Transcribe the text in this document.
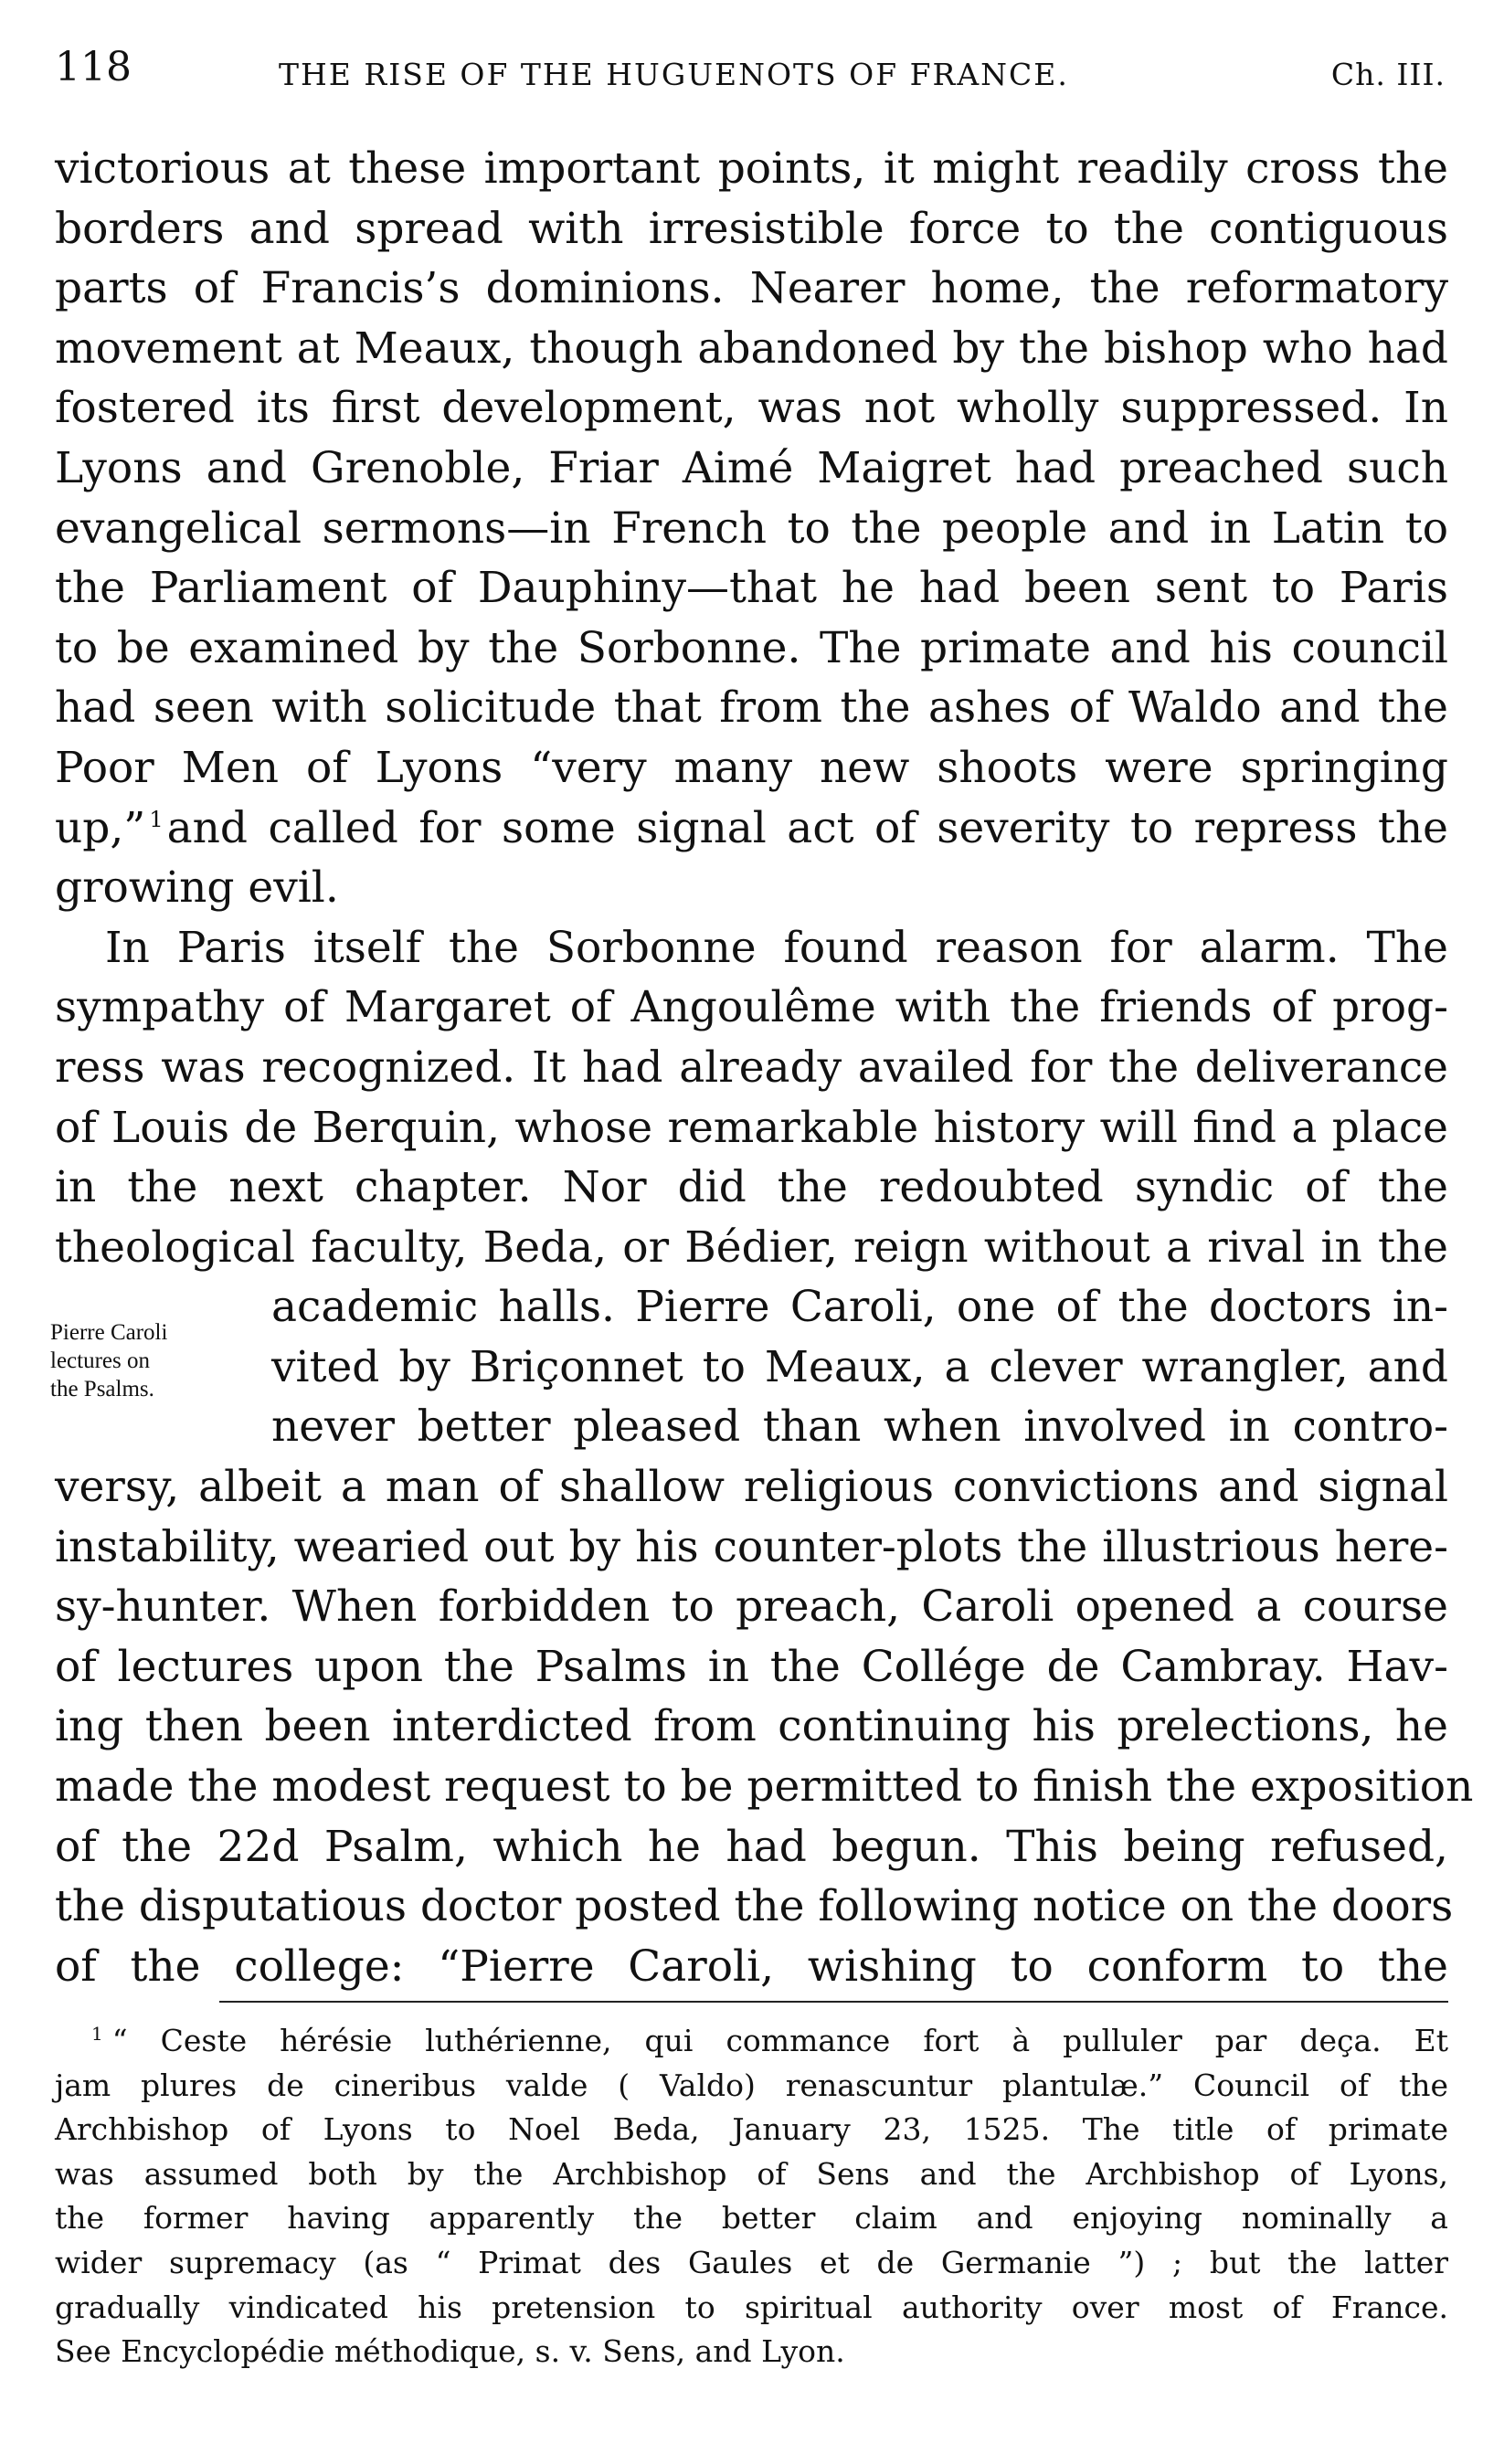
118	THE RISE OF THE HUGUENOTS OF FRANCE.	Ch. III.
victorious at these important points, it might readily cross the
borders and spread with irresistible force to the contiguous
parts of Francis’s dominions. Nearer home, the reformatory
movement at Meaux, though abandoned by the bishop who had
fostered its first development, was not wholly suppressed. In
Lyons and Grenoble, Friar Aimé Maigret had preached such
evangelical sermons—in French to the people and in Latin to
the Parliament of Dauphiny—that he had been sent to Paris
to be examined by the Sorbonne. The primate and his council
had seen with solicitude that from the ashes of Waldo and the
Poor Men of Lyons “very many new shoots were springing
up,” $^1$and called for some signal act of severity to repress the
growing evil.
In Paris itself the Sorbonne found reason for alarm. The
sympathy of Margaret of Angoulême with the friends of prog-
ress was recognized. It had already availed for the deliverance
of Louis de Berquin, whose remarkable history will find a place
in the next chapter. Nor did the redoubted syndic of the
theological faculty, Beda, or Bédier, reign without a rival in the
academic halls. Pierre Caroli, one of the doctors in-
vited by Briçonnet to Meaux, a clever wrangler, and
never better pleased than when involved in contro-
versy, albeit a man of shallow religious convictions and signal
instability, wearied out by his counter-plots the illustrious here-
sy-hunter. When forbidden to preach, Caroli opened a course
of lectures upon the Psalms in the Collége de Cambray. Hav-
ing then been interdicted from continuing his prelections, he
made the modest request to be permitted to finish the exposition
of the 22d Psalm, which he had begun. This being refused,
the disputatious doctor posted the following notice on the doors
of the college: “Pierre Caroli, wishing to conform to the
Pierre Caroli
lectures on
the Psalms.
$^1$ “ Ceste hérésie luthérienne, qui commance fort à pulluler par deça. Et
jam plures de cineribus valde ( Valdo) renascuntur plantulæ.” Council of the
Archbishop of Lyons to Noel Beda, January 23, 1525. The title of primate
was assumed both by the Archbishop of Sens and the Archbishop of Lyons,
the former having apparently the better claim and enjoying nominally a
wider supremacy (as “ Primat des Gaules et de Germanie ”) ; but the latter
gradually vindicated his pretension to spiritual authority over most of France.
See Encyclopédie méthodique, s. v. Sens, and Lyon.
